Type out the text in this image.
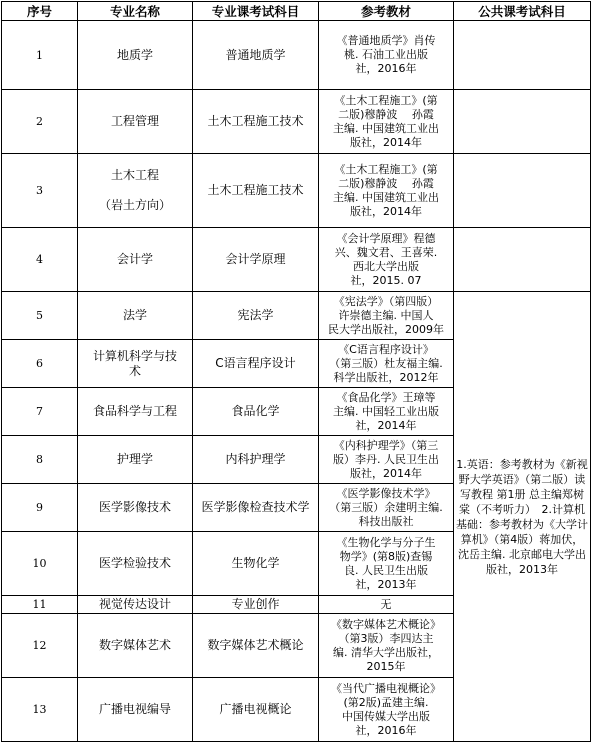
序号	专业名称	专业课考试科目	参考教材	公共课考试科目
1	地质学	普通地质学	《普通地质学》肖传
桃. 石油工业出版
社，2016年	
2	工程管理	土木工程施工技术	《土木工程施工》(第
二版)穆静波　 孙霞
主编. 中国建筑工业出
版社，2014年	
3	土木工程

（岩土方向）	土木工程施工技术	《土木工程施工》(第
二版)穆静波　 孙霞
主编. 中国建筑工业出
版社，2014年	
4	会计学	会计学原理	《会计学原理》程德
兴、魏文君、王喜荣.
西北大学出版
社，2015. 07	
5	法学	宪法学	《宪法学》（第四版）
许崇德主编. 中国人
民大学出版社，2009年	1.英语：参考教材为《新视野大学英语》（第二版）读写教程 第1册 总主编郑树棠（不考听力）　2.计算机基础：参考教材为《大学计算机》（第4版）蒋加伏，沈岳主编. 北京邮电大学出版社，2013年
6	计算机科学与技
术	C语言程序设计	《C语言程序设计》
（第三版）杜友福主编.
科学出版社，2012年	
7	食品科学与工程	食品化学	《食品化学》王璋等
主编. 中国轻工业出版
社，2014年	
8	护理学	内科护理学	《内科护理学》（第三
版）李丹. 人民卫生出
版社，2014年	
9	医学影像技术	医学影像检查技术学	《医学影像技术学》
（第三版）余建明主编.
科技出版社	
10	医学检验技术	生物化学	《生物化学与分子生
物学》(第8版)查锡
良. 人民卫生出版
社，2013年	
11	视觉传达设计	专业创作	无	
12	数字媒体艺术	数字媒体艺术概论	《数字媒体艺术概论》
（第3版）李四达主
编. 清华大学出版社，
2015年	
13	广播电视编导	广播电视概论	《当代广播电视概论》
(第2版)孟建主编.
中国传媒大学出版
社，2016年	
